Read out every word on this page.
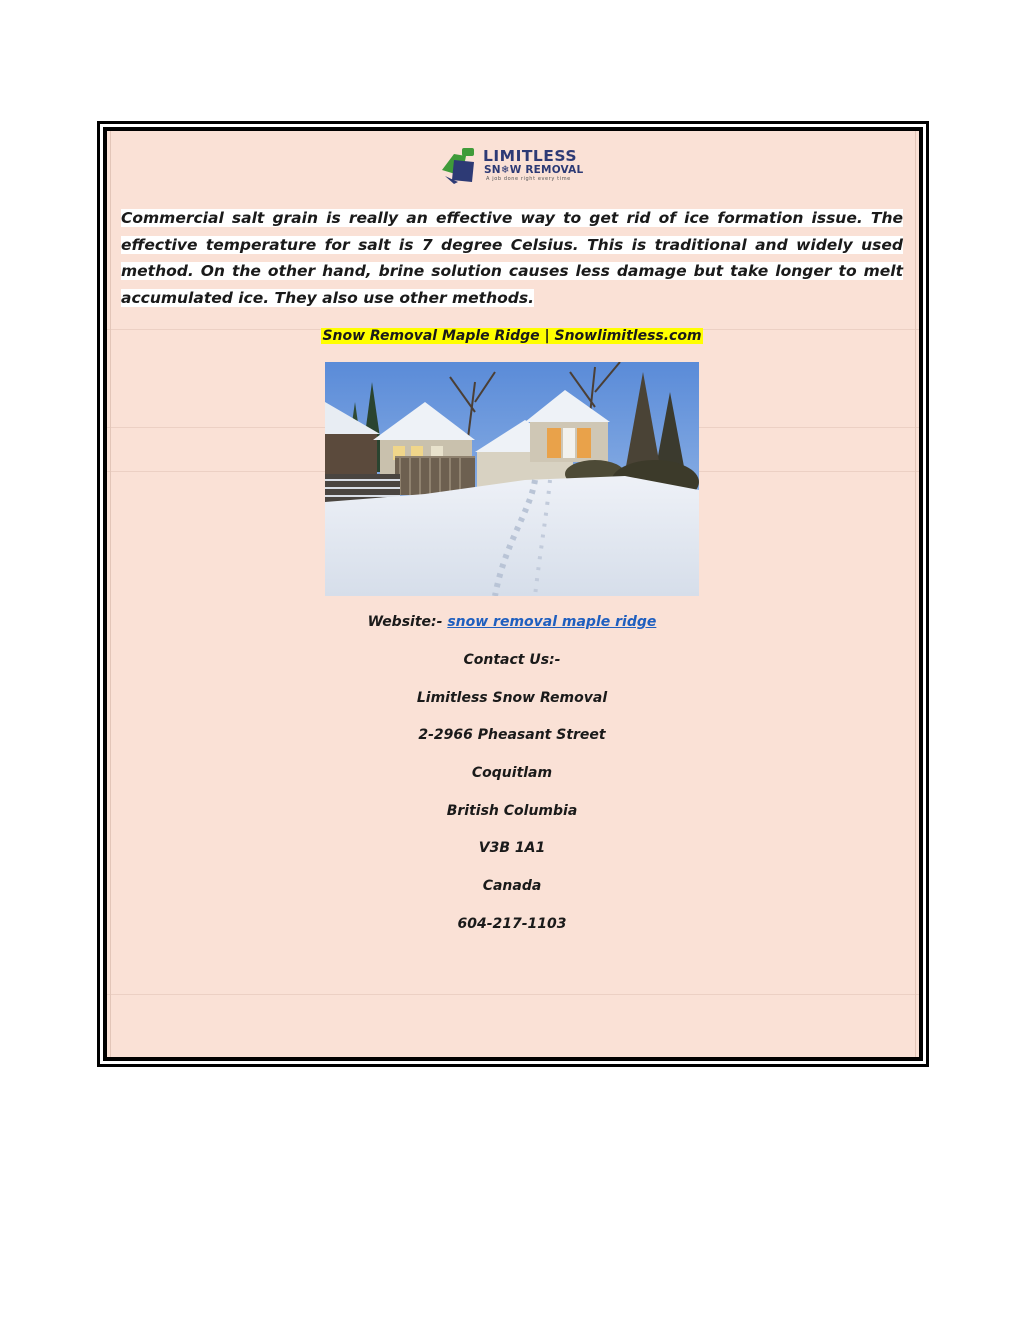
LIMITLESS
SN❄W REMOVAL
A job done right every time

Commercial salt grain is really an effective way to get rid of ice formation issue. The effective temperature for salt is 7 degree Celsius. This is traditional and widely used method. On the other hand, brine solution causes less damage but take longer to melt accumulated ice. They also use other methods.

Snow Removal Maple Ridge | Snowlimitless.com
Website:- snow removal maple ridge
Contact Us:-
Limitless Snow Removal
2-2966 Pheasant Street
Coquitlam
British Columbia
V3B 1A1
Canada
604-217-1103
